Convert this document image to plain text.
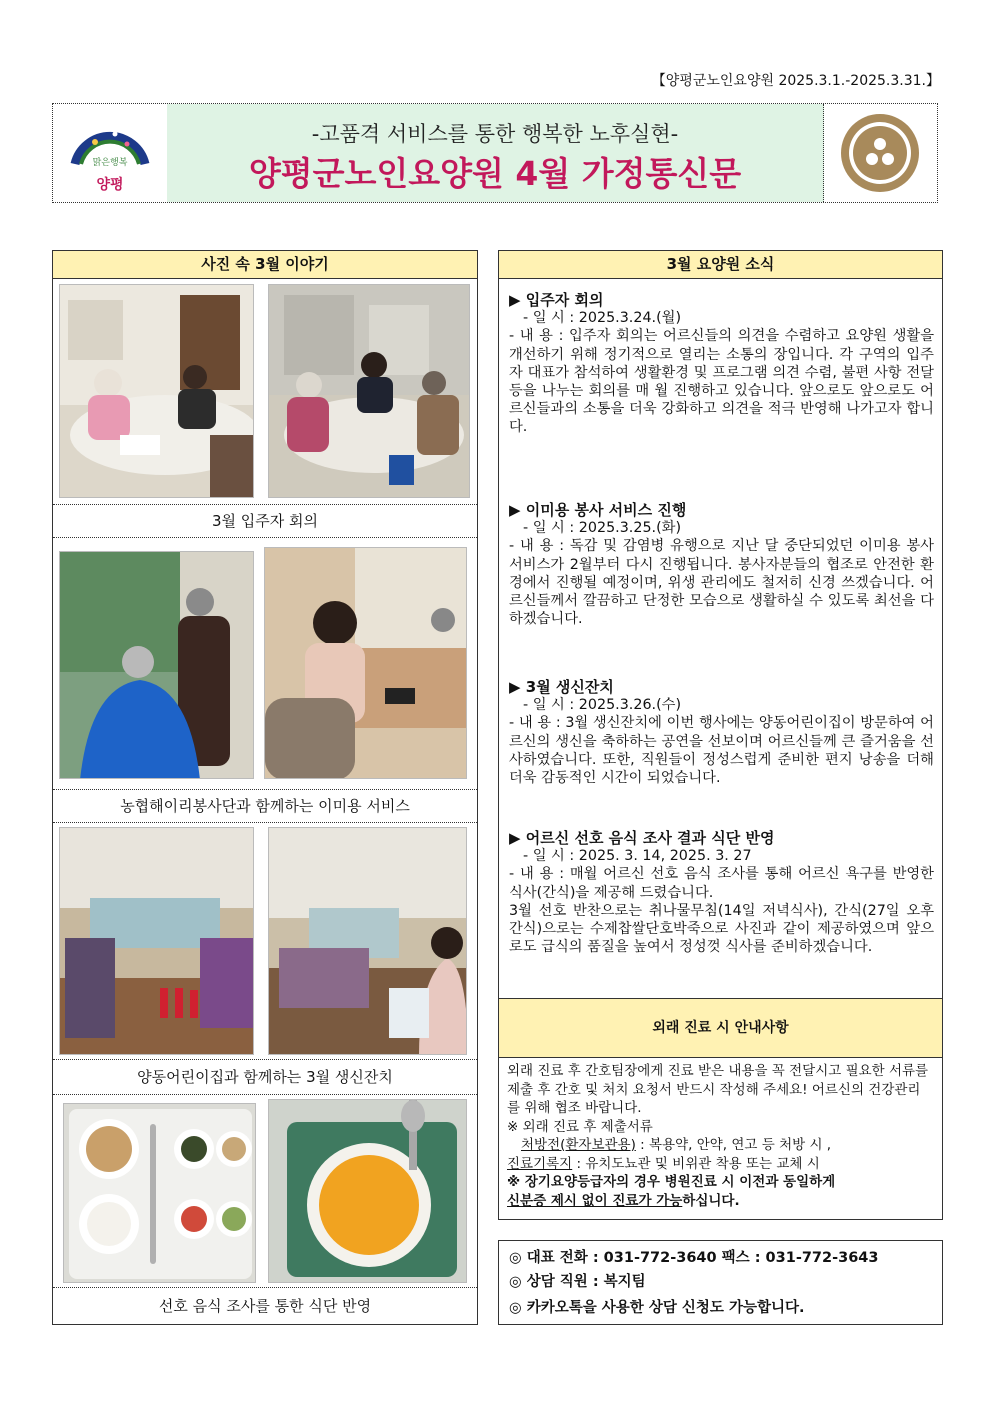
【양평군노인요양원 2025.3.1.-2025.3.31.】
맑은행복
양평
-고품격 서비스를 통한 행복한 노후실현-
양평군노인요양원 4월 가정통신문
사진 속 3월 이야기
3월 입주자 회의
농협해이리봉사단과 함께하는 이미용 서비스
양동어린이집과 함께하는 3월 생신잔치
선호 음식 조사를 통한 식단 반영
3월 요양원 소식
▶ 입주자 회의

- 일 시 : 2025.3.24.(월)

- 내 용 : 입주자 회의는 어르신들의 의견을 수렴하고 요양원 생활을 개선하기 위해 정기적으로 열리는 소통의 장입니다. 각 구역의 입주자 대표가 참석하여 생활환경 및 프로그램 의견 수렴, 불편 사항 전달 등을 나누는 회의를 매 월 진행하고 있습니다. 앞으로도 앞으로도 어르신들과의 소통을 더욱 강화하고 의견을 적극 반영해 나가고자 합니다.

▶ 이미용 봉사 서비스 진행

- 일 시 : 2025.3.25.(화)

- 내 용 : 독감 및 감염병 유행으로 지난 달 중단되었던 이미용 봉사 서비스가 2월부터 다시 진행됩니다. 봉사자분들의 협조로 안전한 환경에서 진행될 예정이며, 위생 관리에도 철저히 신경 쓰겠습니다. 어르신들께서 깔끔하고 단정한 모습으로 생활하실 수 있도록 최선을 다하겠습니다.

▶ 3월 생신잔치

- 일 시 : 2025.3.26.(수)

- 내 용 : 3월 생신잔치에 이번 행사에는 양동어린이집이 방문하여 어르신의 생신을 축하하는 공연을 선보이며 어르신들께 큰 즐거움을 선사하였습니다. 또한, 직원들이 정성스럽게 준비한 편지 낭송을 더해 더욱 감동적인 시간이 되었습니다.

▶ 어르신 선호 음식 조사 결과 식단 반영

- 일 시 : 2025. 3. 14, 2025. 3. 27

- 내 용 : 매월 어르신 선호 음식 조사를 통해 어르신 욕구를 반영한 식사(간식)을 제공해 드렸습니다.

3월 선호 반찬으로는 취나물무침(14일 저녁식사), 간식(27일 오후간식)으로는 수제찹쌀단호박죽으로 사진과 같이 제공하였으며 앞으로도 급식의 품질을 높여서 정성껏 식사를 준비하겠습니다.

외래 진료 시 안내사항
외래 진료 후 간호팀장에게 진료 받은 내용을 꼭 전달시고 필요한 서류를 제출 후 간호 및 처치 요청서 반드시 작성해 주세요! 어르신의 건강관리를 위해 협조 바랍니다.
※ 외래 진료 후 제출서류
처방전(환자보관용) : 복용약, 안약, 연고 등 처방 시 ,
진료기록지 : 유치도뇨관 및 비위관 착용 또는 교체 시
※ 장기요양등급자의 경우 병원진료 시 이전과 동일하게
신분증 제시 없이 진료가 가능하십니다.
◎ 대표 전화 : 031-772-3640 팩스 : 031-772-3643
◎ 상담 직원 : 복지팀
◎ 카카오톡을 사용한 상담 신청도 가능합니다.
